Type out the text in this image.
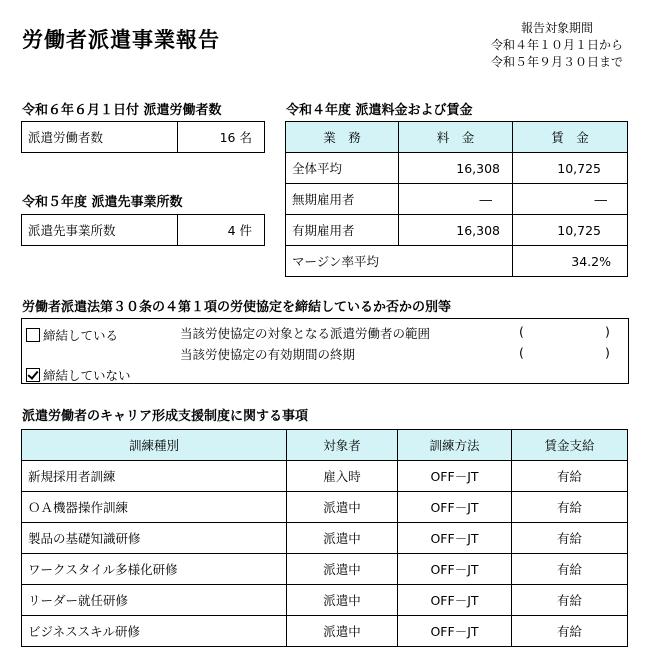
労働者派遣事業報告	報告対象期間
令和４年１０月１日から
令和５年９月３０日まで
令和６年６月１日付 派遣労働者数
派遣労働者数	16 名
令和５年度 派遣先事業所数
派遣先事業所数	4 件
令和４年度 派遣料金および賃金
業　務	料　金	賃　金
全体平均	16,308	10,725
無期雇用者	―	―
有期雇用者	16,308	10,725
マージン率平均		34.2%
労働者派遣法第３０条の４第１項の労使協定を締結しているか否かの別等
締結している
締結していない
当該労使協定の対象となる派遣労働者の範囲	(	)
当該労使協定の有効期間の終期	(	)
派遣労働者のキャリア形成支援制度に関する事項
訓練種別	対象者	訓練方法	賃金支給
新規採用者訓練	雇入時	OFF－JT	有給
ＯＡ機器操作訓練	派遣中	OFF－JT	有給
製品の基礎知識研修	派遣中	OFF－JT	有給
ワークスタイル多様化研修	派遣中	OFF－JT	有給
リーダー就任研修	派遣中	OFF－JT	有給
ビジネススキル研修	派遣中	OFF－JT	有給
